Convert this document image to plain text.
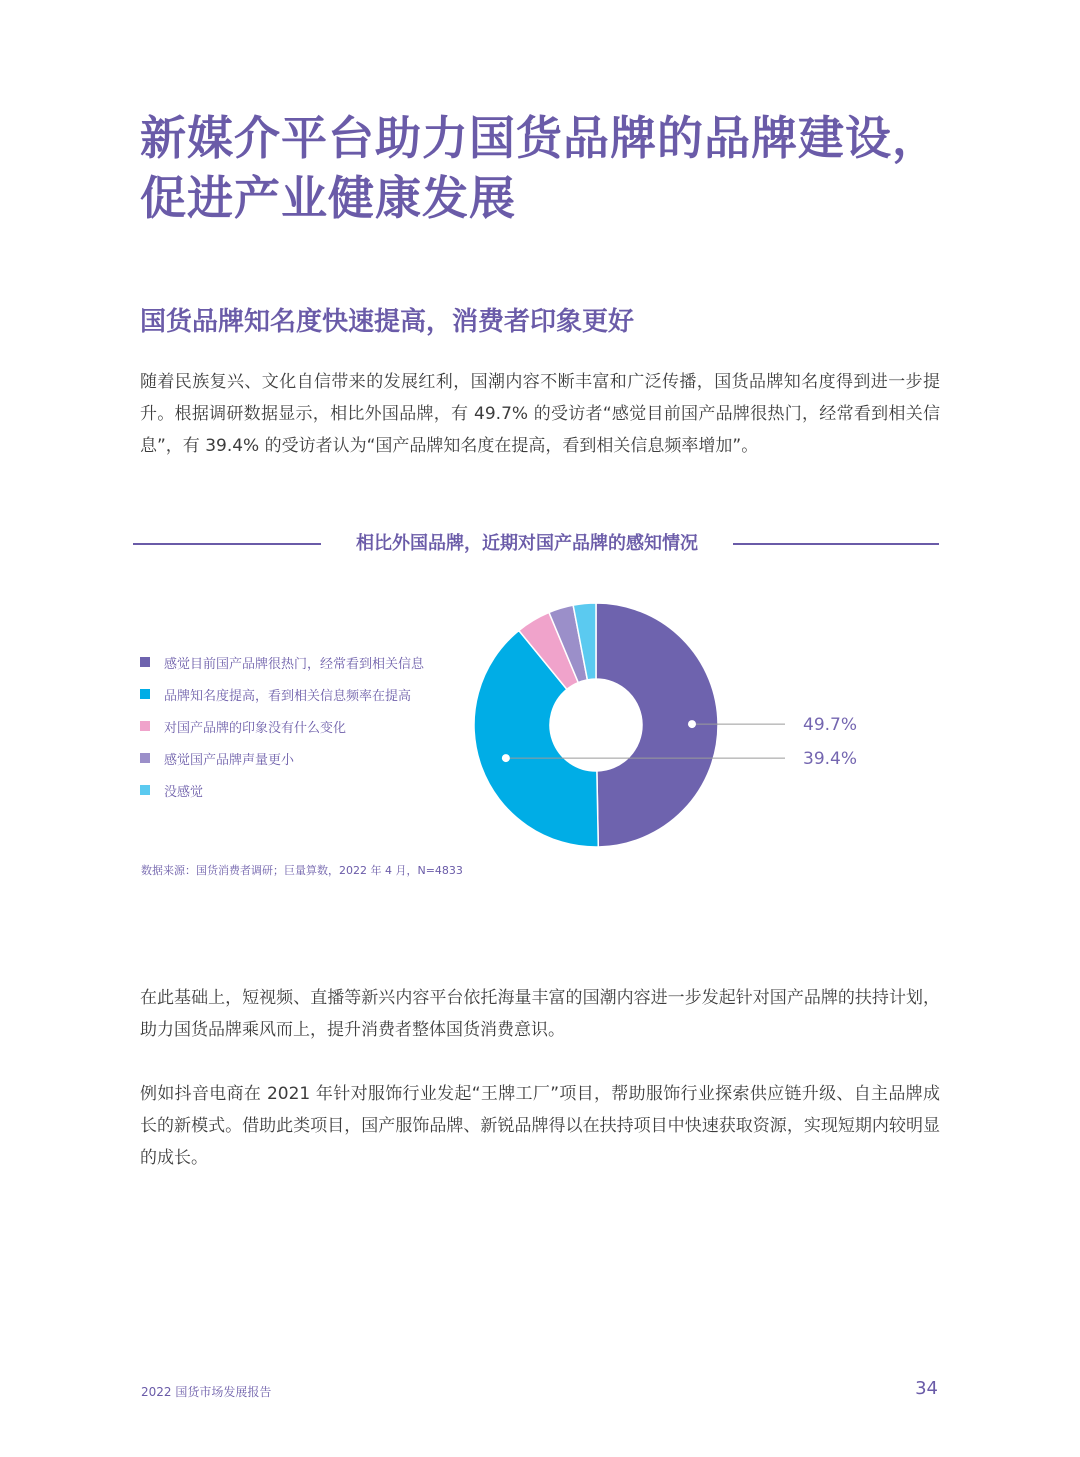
新媒介平台助力国货品牌的品牌建设，
促进产业健康发展
国货品牌知名度快速提高，消费者印象更好

随着民族复兴、文化自信带来的发展红利，国潮内容不断丰富和广泛传播，国货品牌知名度得到进一步提升。根据调研数据显示，相比外国品牌，有 49.7% 的受访者“感觉目前国产品牌很热门，经常看到相关信息”，有 39.4% 的受访者认为“国产品牌知名度在提高，看到相关信息频率增加”。

相比外国品牌，近期对国产品牌的感知情况
感觉目前国产品牌很热门，经常看到相关信息
品牌知名度提高，看到相关信息频率在提高
对国产品牌的印象没有什么变化
感觉国产品牌声量更小
没感觉
49.7%
39.4%
数据来源：国货消费者调研；巨量算数，2022 年 4 月，N=4833

在此基础上，短视频、直播等新兴内容平台依托海量丰富的国潮内容进一步发起针对国产品牌的扶持计划，助力国货品牌乘风而上，提升消费者整体国货消费意识。

例如抖音电商在 2021 年针对服饰行业发起“王牌工厂”项目，帮助服饰行业探索供应链升级、自主品牌成长的新模式。借助此类项目，国产服饰品牌、新锐品牌得以在扶持项目中快速获取资源，实现短期内较明显的成长。

2022 国货市场发展报告	34
